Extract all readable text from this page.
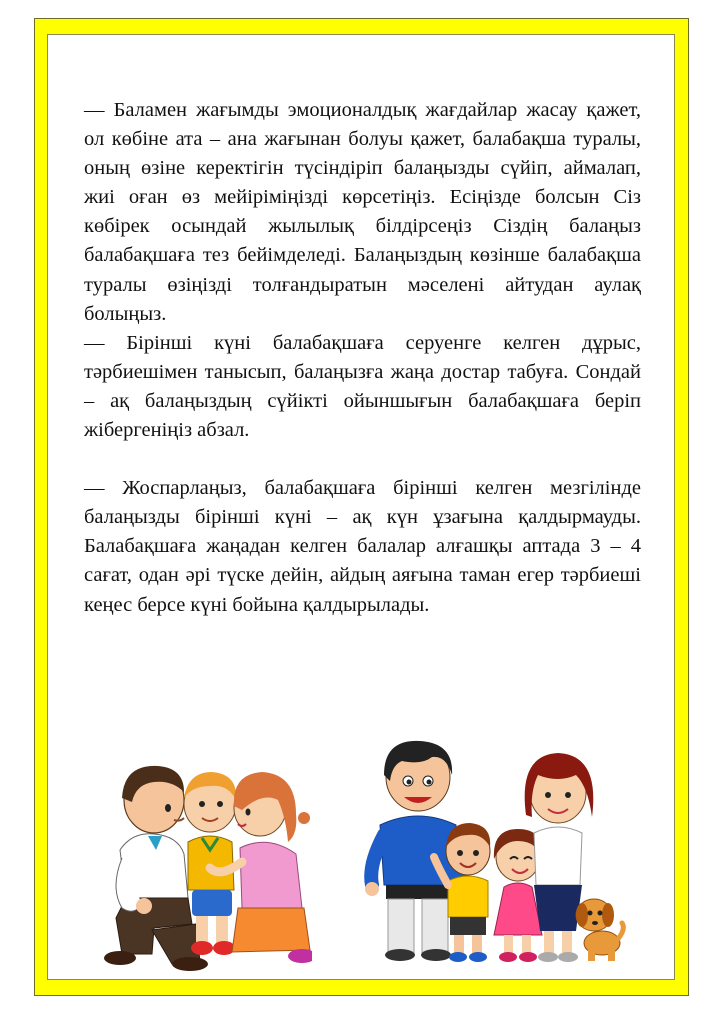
— Баламен жағымды эмоционалдық жағдайлар жасау қажет, ол көбіне ата – ана жағынан болуы қажет, балабақша туралы, оның өзіне керектігін түсіндіріп балаңызды сүйіп, аймалап, жиі оған өз мейіріміңізді көрсетіңіз. Есіңізде болсын Сіз көбірек осындай жылылық білдірсеңіз Сіздің балаңыз балабақшаға тез бейімделеді. Балаңыздың көзінше балабақша туралы өзіңізді толғандыратын мәселені айтудан аулақ болыңыз.

— Бірінші күні балабақшаға серуенге келген дұрыс, тәрбиешімен танысып, балаңызға жаңа достар табуға. Сондай – ақ балаңыздың сүйікті ойыншығын балабақшаға беріп жібергеніңіз абзал.

— Жоспарлаңыз, балабақшаға бірінші келген мезгілінде балаңызды бірінші күні – ақ күн ұзағына қалдырмауды. Балабақшаға жаңадан келген балалар алғашқы аптада 3 – 4 сағат, одан әрі түске дейін, айдың аяғына таман егер тәрбиеші кеңес берсе күні бойына қалдырылады.
